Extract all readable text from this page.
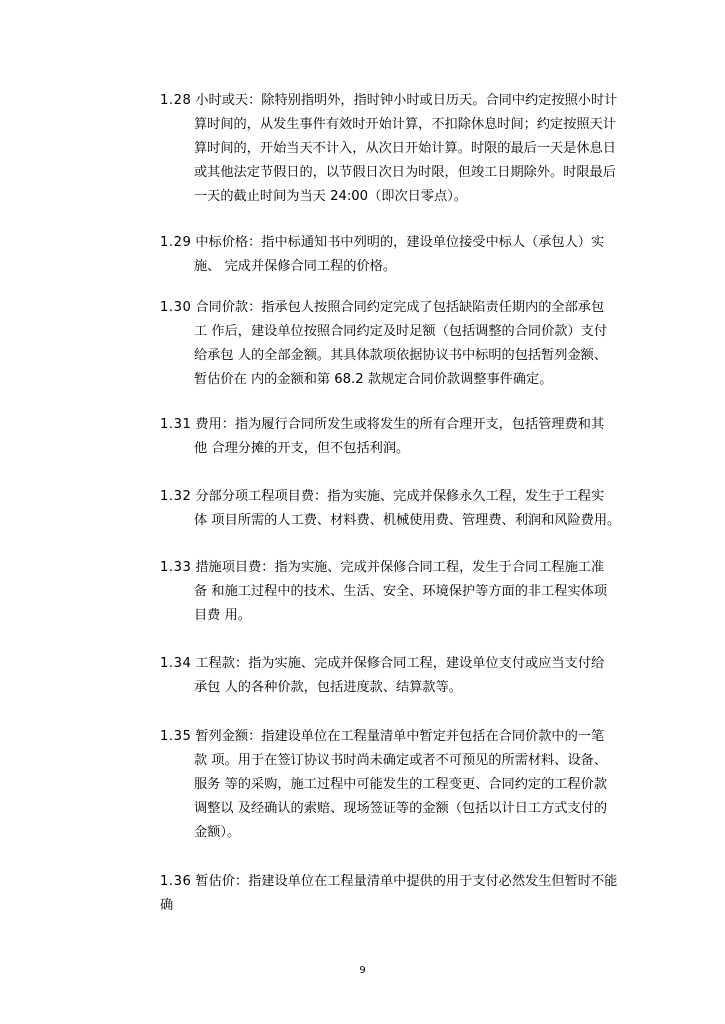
1.28 小时或天：除特别指明外，指时钟小时或日历天。合同中约定按照小时计
算时间的，从发生事件有效时开始计算，不扣除休息时间；约定按照天计
算时间的，开始当天不计入，从次日开始计算。时限的最后一天是休息日
或其他法定节假日的，以节假日次日为时限，但竣工日期除外。时限最后
一天的截止时间为当天 24:00（即次日零点）。
1.29 中标价格：指中标通知书中列明的，建设单位接受中标人（承包人）实
施、 完成并保修合同工程的价格。
1.30 合同价款：指承包人按照合同约定完成了包括缺陷责任期内的全部承包
工 作后，建设单位按照合同约定及时足额（包括调整的合同价款）支付
给承包 人的全部金额。其具体款项依据协议书中标明的包括暂列金额、
暂估价在 内的金额和第 68.2 款规定合同价款调整事件确定。
1.31 费用：指为履行合同所发生或将发生的所有合理开支，包括管理费和其
他 合理分摊的开支，但不包括利润。
1.32 分部分项工程项目费：指为实施、完成并保修永久工程，发生于工程实
体 项目所需的人工费、材料费、机械使用费、管理费、利润和风险费用。
1.33 措施项目费：指为实施、完成并保修合同工程，发生于合同工程施工准
备 和施工过程中的技术、生活、安全、环境保护等方面的非工程实体项
目费 用。
1.34 工程款：指为实施、完成并保修合同工程，建设单位支付或应当支付给
承包 人的各种价款，包括进度款、结算款等。
1.35 暂列金额：指建设单位在工程量清单中暂定并包括在合同价款中的一笔
款 项。用于在签订协议书时尚未确定或者不可预见的所需材料、设备、
服务 等的采购，施工过程中可能发生的工程变更、合同约定的工程价款
调整以 及经确认的索赔、现场签证等的金额（包括以计日工方式支付的
金额）。
1.36 暂估价：指建设单位在工程量清单中提供的用于支付必然发生但暂时不能
确
9
